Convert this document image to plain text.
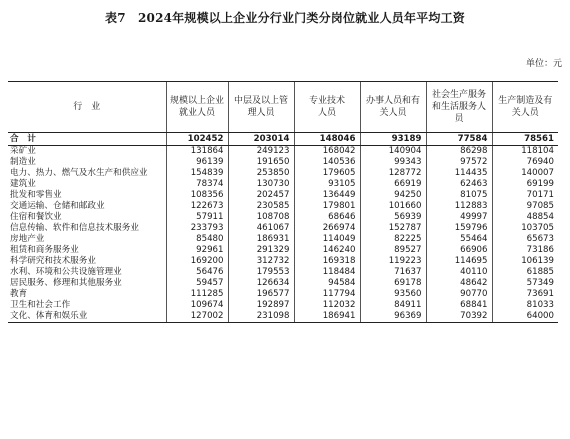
表7　2024年规模以上企业分行业门类分岗位就业人员年平均工资
单位：元
行　业	规模以上企业就业人员	中层及以上管理人员	专业技术人员	办事人员和有关人员	社会生产服务和生活服务人员	生产制造及有关人员

合　计	102452	203014	148046	93189	77584	78561
采矿业	131864	249123	168042	140904	86298	118104
制造业	96139	191650	140536	99343	97572	76940
电力、热力、燃气及水生产和供应业	154839	253850	179605	128772	114435	140007
建筑业	78374	130730	93105	66919	62463	69199
批发和零售业	108356	202457	136449	94250	81075	70171
交通运输、仓储和邮政业	122673	230585	179801	101660	112883	97085
住宿和餐饮业	57911	108708	68646	56939	49997	48854
信息传输、软件和信息技术服务业	233793	461067	266974	152787	159796	103705
房地产业	85480	186931	114049	82225	55464	65673
租赁和商务服务业	92961	291329	146240	89527	66906	73186
科学研究和技术服务业	169200	312732	169318	119223	114695	106139
水利、环境和公共设施管理业	56476	179553	118484	71637	40110	61885
居民服务、修理和其他服务业	59457	126634	94584	69178	48642	57349
教育	111285	196577	117794	93560	90770	73691
卫生和社会工作	109674	192897	112032	84911	68841	81033
文化、体育和娱乐业	127002	231098	186941	96369	70392	64000
